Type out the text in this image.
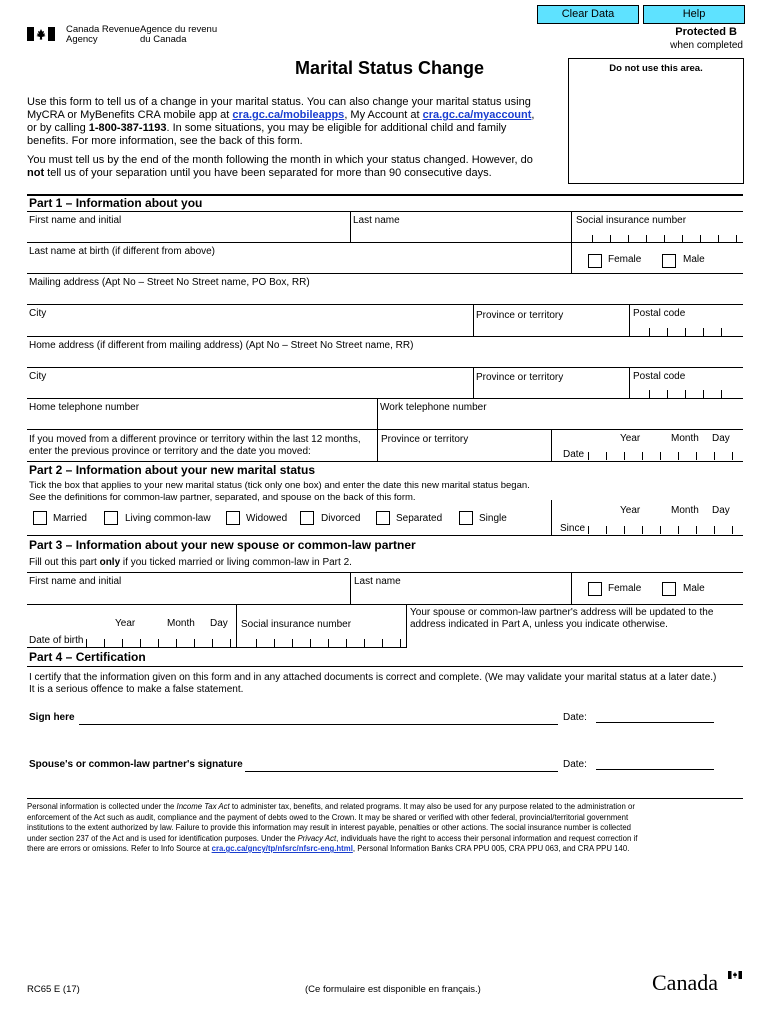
Clear Data	Help
Canada Revenue
Agency
Agence du revenu
du Canada
Protected B
when completed
Marital Status Change	Do not use this area.
Use this form to tell us of a change in your marital status. You can also change your marital status using
MyCRA or MyBenefits CRA mobile app at cra.gc.ca/mobileapps, My Account at cra.gc.ca/myaccount,
or by calling 1-800-387-1193. In some situations, you may be eligible for additional child and family
benefits. For more information, see the back of this form.
You must tell us by the end of the month following the month in which your status changed. However, do
not tell us of your separation until you have been separated for more than 90 consecutive days.
Part 1 – Information about you
First name and initial	Last name	Social insurance number
Last name at birth (if different from above)
Female	Male
Mailing address (Apt No – Street No Street name, PO Box, RR)
City	Province or territory	Postal code
Home address (if different from mailing address) (Apt No – Street No Street name, RR)
City	Province or territory	Postal code
Home telephone number	Work telephone number
If you moved from a different province or territory within the last 12 months,
enter the previous province or territory and the date you moved:
Province or territory	Year	Month Day
Date
Part 2 – Information about your new marital status
Tick the box that applies to your new marital status (tick only one box) and enter the date this new marital status began.
See the definitions for common-law partner, separated, and spouse on the back of this form.
Married	Living common-law	Widowed	Divorced	Separated	Single
Year	Month Day
Since
Part 3 – Information about your new spouse or common-law partner
Fill out this part only if you ticked married or living common-law in Part 2.
First name and initial	Last name
Female	Male
Year	Month Day
Date of birth
Social insurance number
Your spouse or common-law partner's address will be updated to the
address indicated in Part A, unless you indicate otherwise.
Part 4 – Certification
I certify that the information given on this form and in any attached documents is correct and complete. (We may validate your marital status at a later date.)
It is a serious offence to make a false statement.
Sign here	Date:
Spouse's or common-law partner's signature	Date:
Personal information is collected under the Income Tax Act to administer tax, benefits, and related programs. It may also be used for any purpose related to the administration or
enforcement of the Act such as audit, compliance and the payment of debts owed to the Crown. It may be shared or verified with other federal, provincial/territorial government
institutions to the extent authorized by law. Failure to provide this information may result in interest payable, penalties or other actions. The social insurance number is collected
under section 237 of the Act and is used for identification purposes. Under the Privacy Act, individuals have the right to access their personal information and request correction if
there are errors or omissions. Refer to Info Source at cra.gc.ca/gncy/tp/nfsrc/nfsrc-eng.html, Personal Information Banks CRA PPU 005, CRA PPU 063, and CRA PPU 140.
RC65 E (17)	(Ce formulaire est disponible en français.)	Canada
